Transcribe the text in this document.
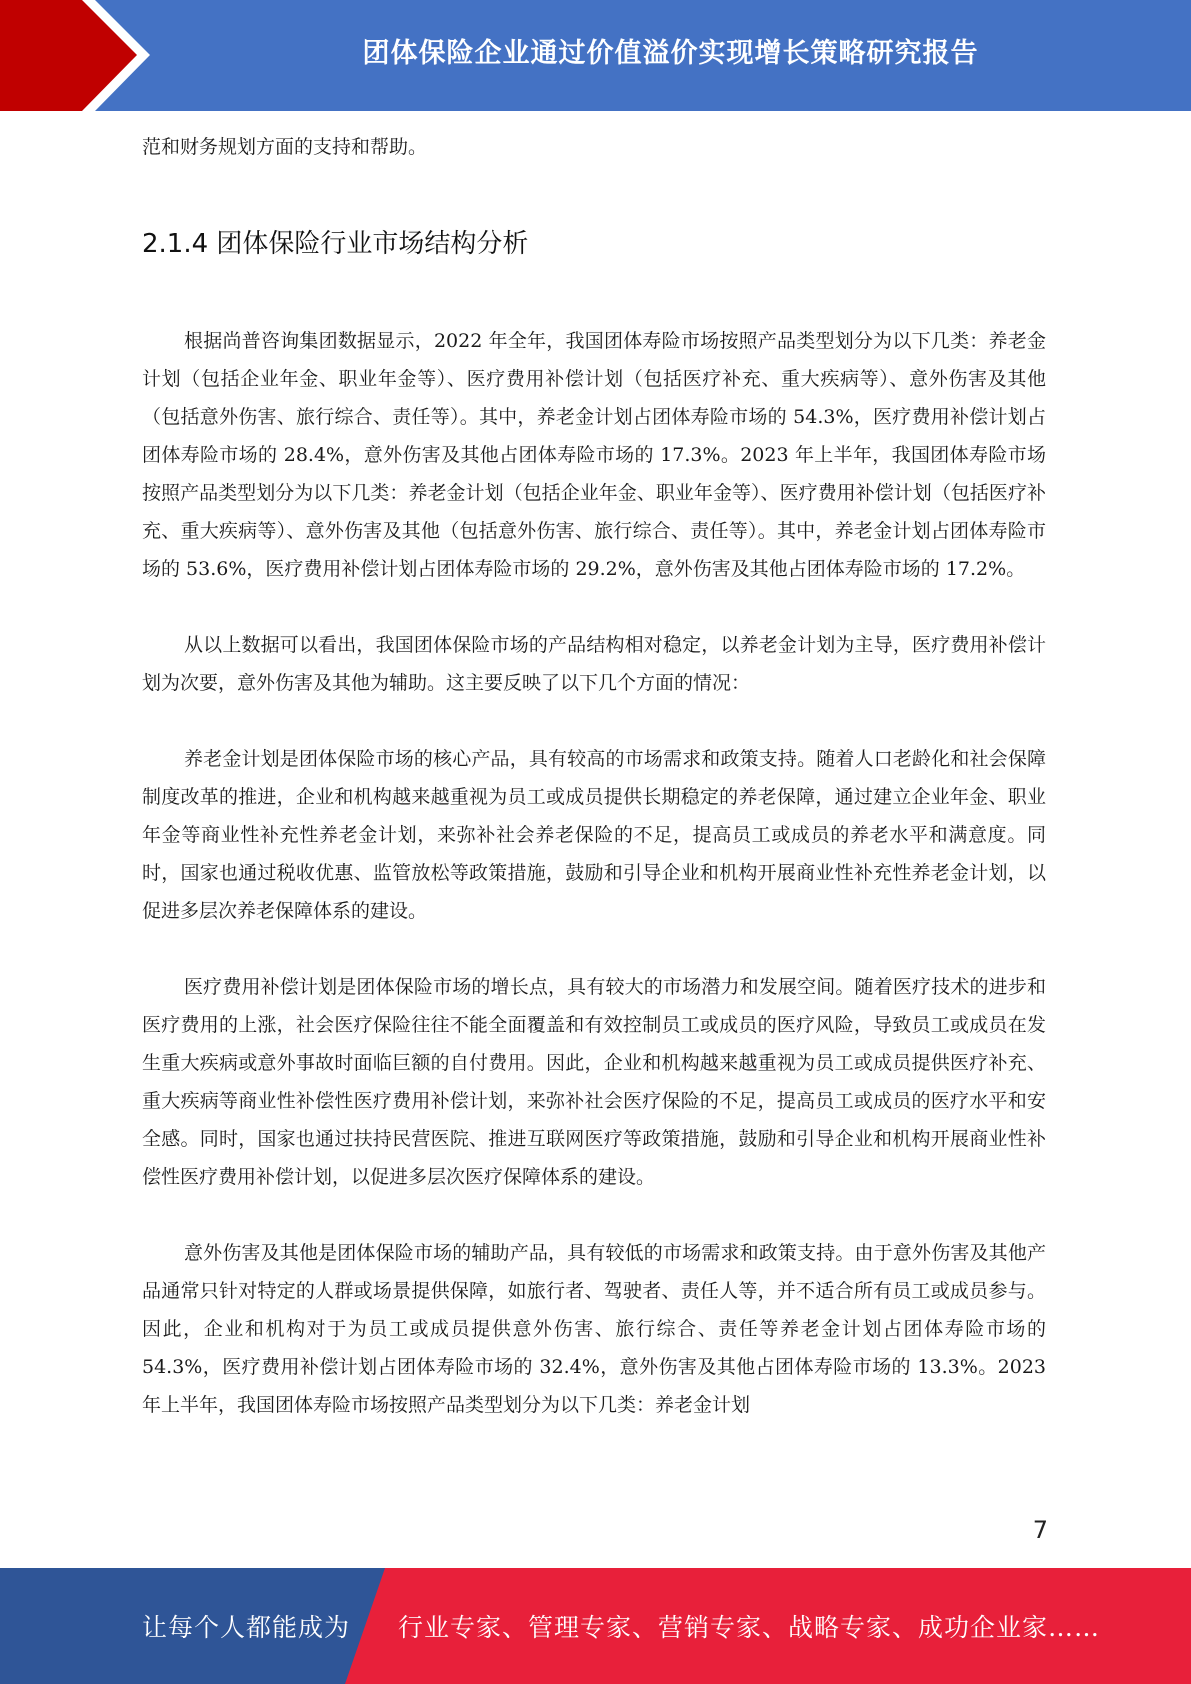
团体保险企业通过价值溢价实现增长策略研究报告

范和财务规划方面的支持和帮助。

2.1.4 团体保险行业市场结构分析

根据尚普咨询集团数据显示，2022 年全年，我国团体寿险市场按照产品类型划分为以下几类：养老金计划（包括企业年金、职业年金等）、医疗费用补偿计划（包括医疗补充、重大疾病等）、意外伤害及其他（包括意外伤害、旅行综合、责任等）。其中，养老金计划占团体寿险市场的 54.3%，医疗费用补偿计划占团体寿险市场的 28.4%，意外伤害及其他占团体寿险市场的 17.3%。2023 年上半年，我国团体寿险市场按照产品类型划分为以下几类：养老金计划（包括企业年金、职业年金等）、医疗费用补偿计划（包括医疗补充、重大疾病等）、意外伤害及其他（包括意外伤害、旅行综合、责任等）。其中，养老金计划占团体寿险市场的 53.6%，医疗费用补偿计划占团体寿险市场的 29.2%，意外伤害及其他占团体寿险市场的 17.2%。

从以上数据可以看出，我国团体保险市场的产品结构相对稳定，以养老金计划为主导，医疗费用补偿计划为次要，意外伤害及其他为辅助。这主要反映了以下几个方面的情况：

养老金计划是团体保险市场的核心产品，具有较高的市场需求和政策支持。随着人口老龄化和社会保障制度改革的推进，企业和机构越来越重视为员工或成员提供长期稳定的养老保障，通过建立企业年金、职业年金等商业性补充性养老金计划，来弥补社会养老保险的不足，提高员工或成员的养老水平和满意度。同时，国家也通过税收优惠、监管放松等政策措施，鼓励和引导企业和机构开展商业性补充性养老金计划，以促进多层次养老保障体系的建设。

医疗费用补偿计划是团体保险市场的增长点，具有较大的市场潜力和发展空间。随着医疗技术的进步和医疗费用的上涨，社会医疗保险往往不能全面覆盖和有效控制员工或成员的医疗风险，导致员工或成员在发生重大疾病或意外事故时面临巨额的自付费用。因此，企业和机构越来越重视为员工或成员提供医疗补充、重大疾病等商业性补偿性医疗费用补偿计划，来弥补社会医疗保险的不足，提高员工或成员的医疗水平和安全感。同时，国家也通过扶持民营医院、推进互联网医疗等政策措施，鼓励和引导企业和机构开展商业性补偿性医疗费用补偿计划，以促进多层次医疗保障体系的建设。

意外伤害及其他是团体保险市场的辅助产品，具有较低的市场需求和政策支持。由于意外伤害及其他产品通常只针对特定的人群或场景提供保障，如旅行者、驾驶者、责任人等，并不适合所有员工或成员参与。因此，企业和机构对于为员工或成员提供意外伤害、旅行综合、责任等养老金计划占团体寿险市场的 54.3%，医疗费用补偿计划占团体寿险市场的 32.4%，意外伤害及其他占团体寿险市场的 13.3%。2023 年上半年，我国团体寿险市场按照产品类型划分为以下几类：养老金计划

7
让每个人都能成为 行业专家、管理专家、营销专家、战略专家、成功企业家……
